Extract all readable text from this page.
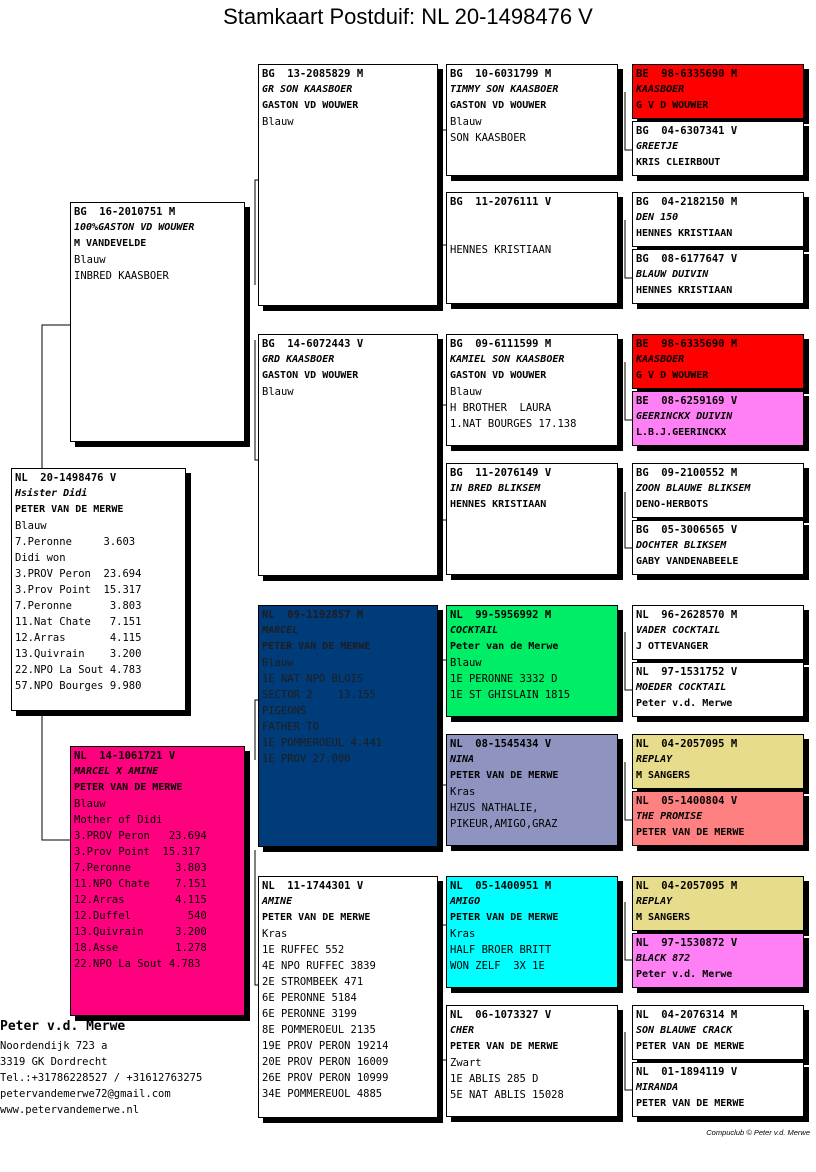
Stamkaart Postduif: NL 20-1498476 V
NL  20-1498476 V
Hsister Didi
PETER VAN DE MERWE
Blauw
7.Peronne     3.603
Didi won
3.PROV Peron  23.694
3.Prov Point  15.317
7.Peronne      3.803
11.Nat Chate   7.151
12.Arras       4.115
13.Quivrain    3.200
22.NPO La Sout 4.783
57.NPO Bourges 9.980
BG  16-2010751 M
100%GASTON VD WOUWER
M VANDEVELDE
Blauw
INBRED KAASBOER
NL  14-1061721 V
MARCEL X AMINE
PETER VAN DE MERWE
Blauw
Mother of Didi
3.PROV Peron   23.694
3.Prov Point  15.317
7.Peronne       3.803
11.NPO Chate    7.151
12.Arras        4.115
12.Duffel         540
13.Quivrain     3.200
18.Asse         1.278
22.NPO La Sout 4.783
BG  13-2085829 M
GR SON KAASBOER
GASTON VD WOUWER
Blauw
BG  14-6072443 V
GRD KAASBOER
GASTON VD WOUWER
Blauw
NL  09-1192857 M
MARCEL
PETER VAN DE MERWE
Blauw
1E NAT NPO BLOIS
SECTOR 2    13.155
PIGEONS
FATHER TO
1E POMMEROEUL 4.441
1E PROV 27.000
NL  11-1744301 V
AMINE
PETER VAN DE MERWE
Kras
1E RUFFEC 552
4E NPO RUFFEC 3839
2E STROMBEEK 471
6E PERONNE 5184
6E PERONNE 3199
8E POMMEROEUL 2135
19E PROV PERON 19214
20E PROV PERON 16009
26E PROV PERON 10999
34E POMMEREUOL 4885
BG  10-6031799 M
TIMMY SON KAASBOER
GASTON VD WOUWER
Blauw
SON KAASBOER
BG  11-2076111 V

HENNES KRISTIAAN
BG  09-6111599 M
KAMIEL SON KAASBOER
GASTON VD WOUWER
Blauw
H BROTHER  LAURA
1.NAT BOURGES 17.138
BG  11-2076149 V
IN BRED BLIKSEM
HENNES KRISTIAAN
NL  99-5956992 M
COCKTAIL
Peter van de Merwe
Blauw
1E PERONNE 3332 D
1E ST GHISLAIN 1815
NL  08-1545434 V
NINA
PETER VAN DE MERWE
Kras
HZUS NATHALIE,
PIKEUR,AMIGO,GRAZ
NL  05-1400951 M
AMIGO
PETER VAN DE MERWE
Kras
HALF BROER BRITT
WON ZELF  3X 1E
NL  06-1073327 V
CHER
PETER VAN DE MERWE
Zwart
1E ABLIS 285 D
5E NAT ABLIS 15028
BE  98-6335690 M
KAASBOER
G V D WOUWER
BG  04-6307341 V
GREETJE
KRIS CLEIRBOUT
BG  04-2182150 M
DEN 150
HENNES KRISTIAAN
BG  08-6177647 V
BLAUW DUIVIN
HENNES KRISTIAAN
BE  98-6335690 M
KAASBOER
G V D WOUWER
BE  08-6259169 V
GEERINCKX DUIVIN
L.B.J.GEERINCKX
BG  09-2100552 M
ZOON BLAUWE BLIKSEM
DENO-HERBOTS
BG  05-3006565 V
DOCHTER BLIKSEM
GABY VANDENABEELE
NL  96-2628570 M
VADER COCKTAIL
J OTTEVANGER
NL  97-1531752 V
MOEDER COCKTAIL
Peter v.d. Merwe
NL  04-2057095 M
REPLAY
M SANGERS
NL  05-1400804 V
THE PROMISE
PETER VAN DE MERWE
NL  04-2057095 M
REPLAY
M SANGERS
NL  97-1530872 V
BLACK 872
Peter v.d. Merwe
NL  04-2076314 M
SON BLAUWE CRACK
PETER VAN DE MERWE
NL  01-1894119 V
MIRANDA
PETER VAN DE MERWE
Peter v.d. Merwe
Noordendijk 723 a
3319 GK Dordrecht
Tel.:+31786228527 / +31612763275
petervandemerwe72@gmail.com
www.petervandemerwe.nl
Compuclub © Peter v.d. Merwe
